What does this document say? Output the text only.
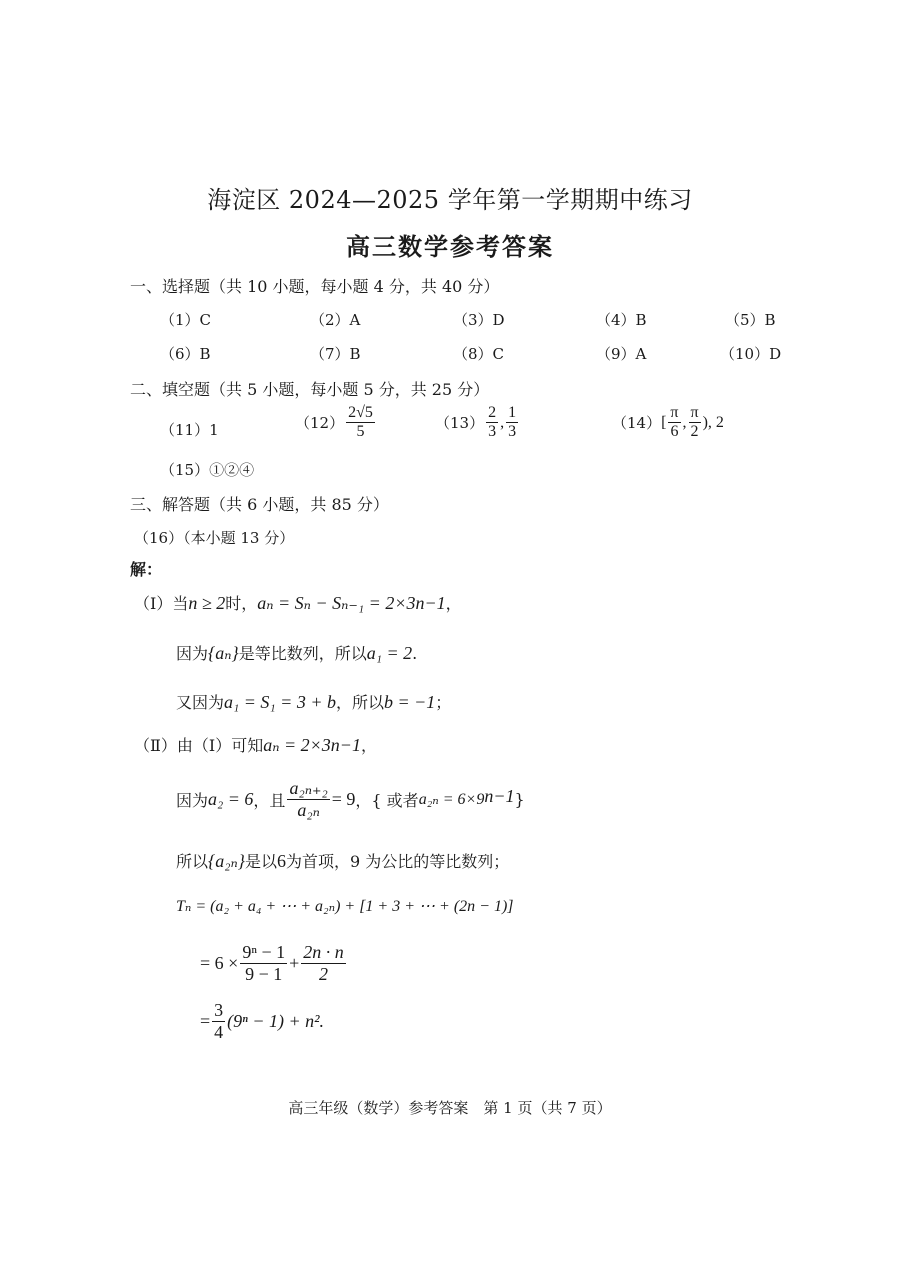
海淀区 2024—2025 学年第一学期期中练习
高三数学参考答案
一、选择题（共 10 小题，每小题 4 分，共 40 分）
（1）C	（2）A	（3）D	（4）B	（5）B
（6）B	（7）B	（8）C	（9）A	（10）D
二、填空题（共 5 小题，每小题 5 分，共 25 分）
（11）1	$(12) \frac{2√5}{5}$	$(13) \frac{2}{3}$ , $\frac{1}{3}$	（14） [ $\frac{\pi}{6}$ , $\frac{\pi}{2}$ ), 2
（15）①②④
三、解答题（共 6 小题，共 85 分）
（16）（本小题 13 分）
解：
（Ⅰ）当 n ≥ 2 时， aₙ = Sₙ − Sₙ₋₁ = 2×3 n−1 ，
因为 {aₙ} 是等比数列，所以 a₁ = 2 .
又因为 a₁ = S₁ = 3 + b ，所以 b = −1 ；
（Ⅱ）由（Ⅰ）可知 aₙ = 2×3 n−1 ，
因为 a₂ = 6 ，且 $\frac{\text{a₂ₙ₊₂}}{\text{a₂ₙ}} = 9$ ，{ 或者 a₂ₙ = 6×9 n−1 }
所以 {a₂ₙ} 是以 6 为首项，9 为公比的等比数列；
Tₙ = (a₂ + a₄ + ⋯ + a₂ₙ) + [1 + 3 + ⋯ + (2n − 1)]
= $6 \times \frac{\text{9ⁿ − 1}}{9 - 1} + \frac{2n \cdot n}{2}$
= $\frac{3}{4} (9^n - 1) + n^2$.
高三年级（数学）参考答案　第 1 页（共 7 页）
